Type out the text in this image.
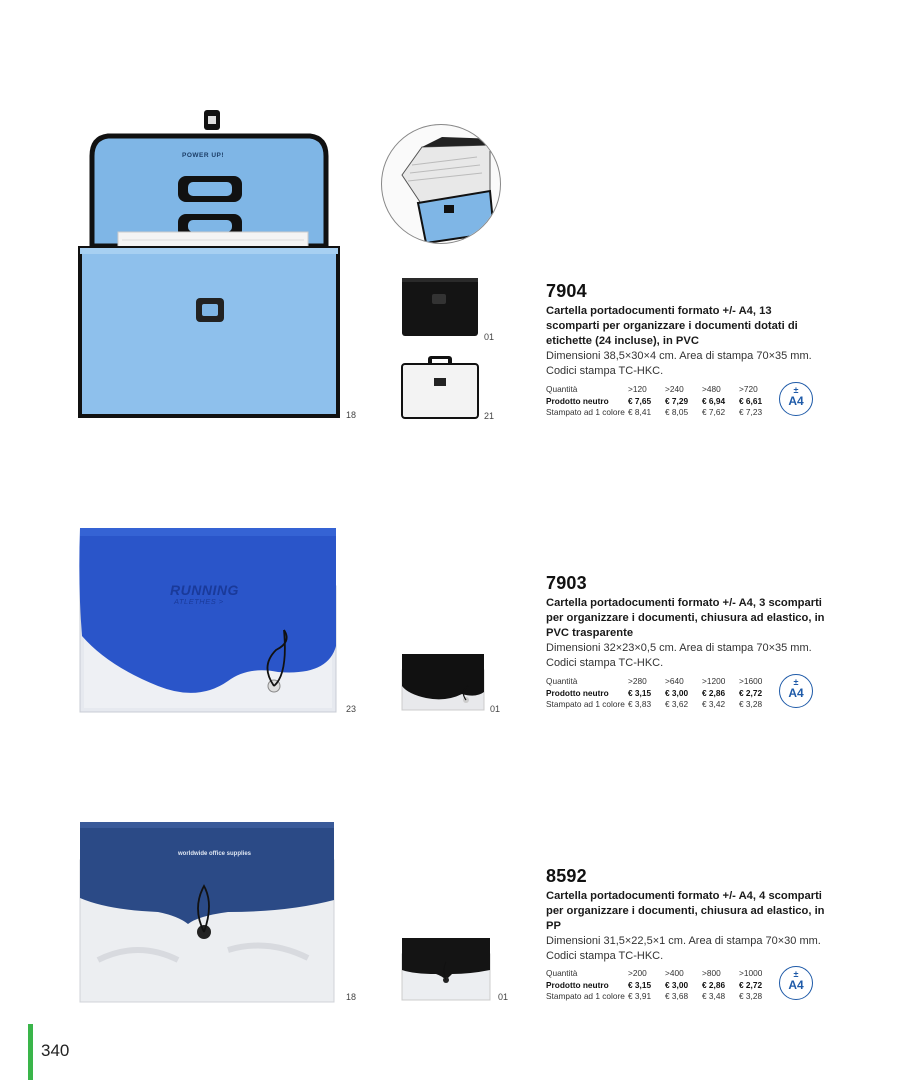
POWER UP!
18
01
21

7904

Cartella portadocumenti formato +/- A4, 13 scomparti per organizzare i documenti dotati di etichette (24 incluse), in PVC

Dimensioni 38,5×30×4 cm. Area di stampa 70×35 mm. Codici stampa TC-HKC.

Quantità	>120	>240	>480	>720
Prodotto neutro	€ 7,65	€ 7,29	€ 6,94	€ 6,61
Stampato ad 1 colore	€ 8,41	€ 8,05	€ 7,62	€ 7,23
±
A4
RUNNING
ATLETHES >
23	01

7903

Cartella portadocumenti formato +/- A4, 3 scomparti per organizzare i documenti, chiusura ad elastico, in PVC trasparente

Dimensioni 32×23×0,5 cm. Area di stampa 70×35 mm. Codici stampa TC-HKC.

Quantità	>280	>640	>1200	>1600
Prodotto neutro	€ 3,15	€ 3,00	€ 2,86	€ 2,72
Stampato ad 1 colore	€ 3,83	€ 3,62	€ 3,42	€ 3,28
±
A4
worldwide office supplies
18	01

8592

Cartella portadocumenti formato +/- A4, 4 scomparti per organizzare i documenti, chiusura ad elastico, in PP

Dimensioni 31,5×22,5×1 cm. Area di stampa 70×30 mm. Codici stampa TC-HKC.

Quantità	>200	>400	>800	>1000
Prodotto neutro	€ 3,15	€ 3,00	€ 2,86	€ 2,72
Stampato ad 1 colore	€ 3,91	€ 3,68	€ 3,48	€ 3,28
±
A4
340
